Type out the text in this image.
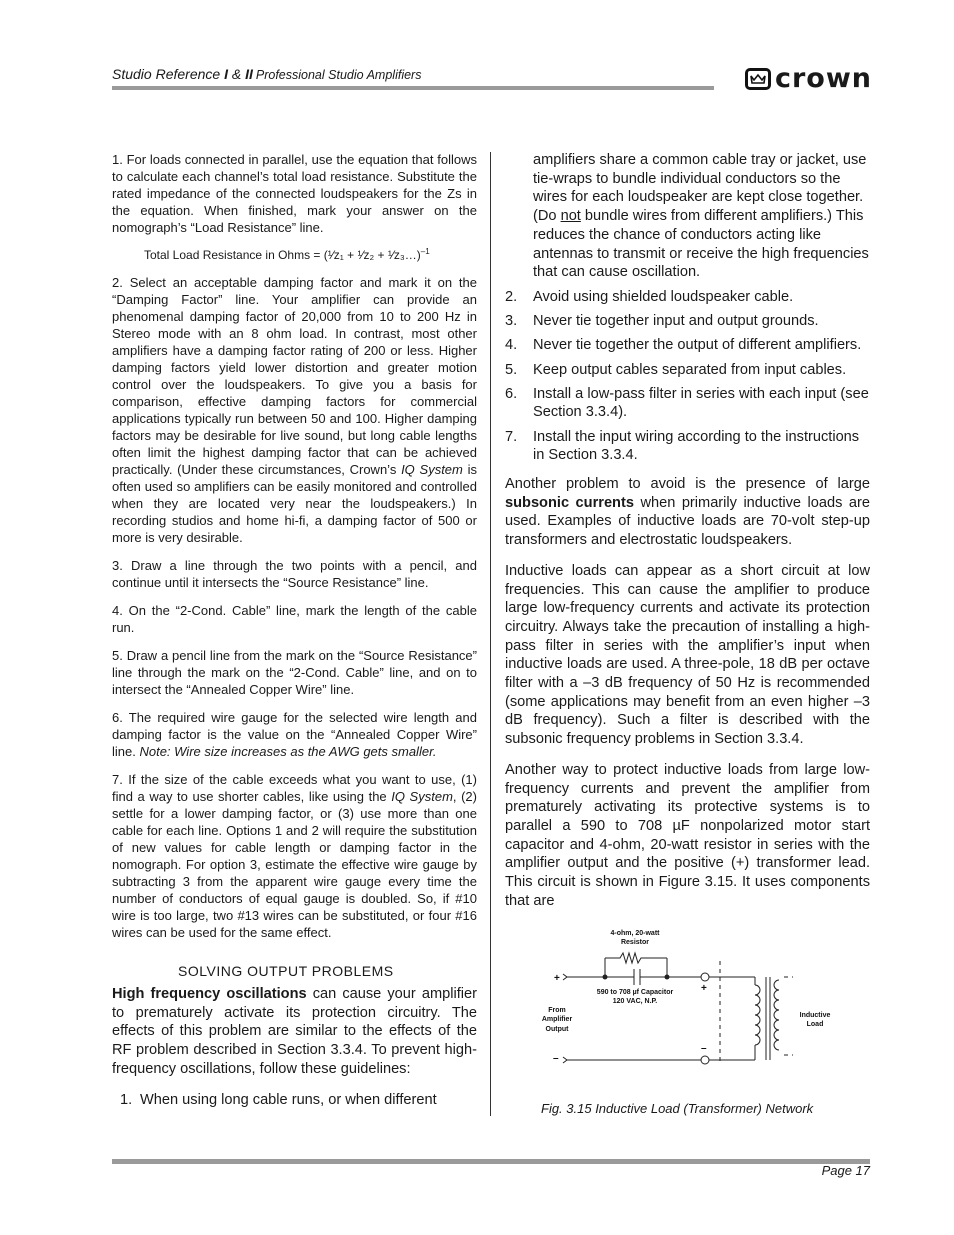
Studio Reference I & II Professional Studio Amplifiers	crown

1. For loads connected in parallel, use the equation that follows to calculate each channel’s total load resistance. Substitute the rated impedance of the connected loudspeakers for the Zs in the equation. When finished, mark your answer on the nomograph’s “Load Resistance” line.

Total Load Resistance in Ohms = (¹⁄z₁ + ¹⁄z₂ + ¹⁄z₃…)$^{-1}$

2. Select an acceptable damping factor and mark it on the “Damping Factor” line. Your amplifier can provide an phenomenal damping factor of 20,000 from 10 to 200 Hz in Stereo mode with an 8 ohm load. In contrast, most other amplifiers have a damping factor rating of 200 or less. Higher damping factors yield lower distortion and greater motion control over the loudspeakers. To give you a basis for comparison, effective damping factors for commercial applications typically run between 50 and 100. Higher damping factors may be desirable for live sound, but long cable lengths often limit the highest damping factor that can be achieved practically. (Under these circumstances, Crown’s IQ System is often used so amplifiers can be easily monitored and controlled when they are located very near the loudspeakers.) In recording studios and home hi-fi, a damping factor of 500 or more is very desirable.

3. Draw a line through the two points with a pencil, and continue until it intersects the “Source Resistance” line.

4. On the “2-Cond. Cable” line, mark the length of the cable run.

5. Draw a pencil line from the mark on the “Source Resistance” line through the mark on the “2-Cond. Cable” line, and on to intersect the “Annealed Copper Wire” line.

6. The required wire gauge for the selected wire length and damping factor is the value on the “Annealed Copper Wire” line. Note: Wire size increases as the AWG gets smaller.

7. If the size of the cable exceeds what you want to use, (1) find a way to use shorter cables, like using the IQ System, (2) settle for a lower damping factor, or (3) use more than one cable for each line. Options 1 and 2 will require the substitution of new values for cable length or damping factor in the nomograph. For option 3, estimate the effective wire gauge by subtracting 3 from the apparent wire gauge every time the number of conductors of equal gauge is doubled. So, if #10 wire is too large, two #13 wires can be substituted, or four #16 wires can be used for the same effect.

SOLVING OUTPUT PROBLEMS

High frequency oscillations can cause your amplifier to prematurely activate its protection circuitry. The effects of this problem are similar to the effects of the RF problem described in Section 3.3.4. To prevent high-frequency oscillations, follow these guidelines:

1. When using long cable runs, or when different

amplifiers share a common cable tray or jacket, use tie-wraps to bundle individual conductors so the wires for each loudspeaker are kept close together. (Do not bundle wires from different amplifiers.) This reduces the chance of conductors acting like antennas to transmit or receive the high frequencies that can cause oscillation.

2.	Avoid using shielded loudspeaker cable.
3.	Never tie together input and output grounds.
4.	Never tie together the output of different amplifiers.
5.	Keep output cables separated from input cables.
6.	Install a low-pass filter in series with each input (see Section 3.3.4).
7.	Install the input wiring according to the instructions in Section 3.3.4.

Another problem to avoid is the presence of large subsonic currents when primarily inductive loads are used. Examples of inductive loads are 70-volt step-up transformers and electrostatic loudspeakers.

Inductive loads can appear as a short circuit at low frequencies. This can cause the amplifier to produce large low-frequency currents and activate its protection circuitry. Always take the precaution of installing a high-pass filter in series with the amplifier’s input when inductive loads are used. A three-pole, 18 dB per octave filter with a –3 dB frequency of 50 Hz is recommended (some applications may benefit from an even higher –3 dB frequency). Such a filter is described with the subsonic frequency problems in Section 3.3.4.

Another way to protect inductive loads from large low-frequency currents and prevent the amplifier from prematurely activating its protective systems is to parallel a 590 to 708 µF nonpolarized motor start capacitor and 4-ohm, 20-watt resistor in series with the amplifier output and the positive (+) transformer lead. This circuit is shown in Figure 3.15. It uses components that are

4-ohm, 20-watt
Resistor
590 to 708 µf Capacitor
120 VAC, N.P.
From
Amplifier
Output
Inductive
Load
+
–
+
–
Fig. 3.15 Inductive Load (Transformer) Network
Page 17
